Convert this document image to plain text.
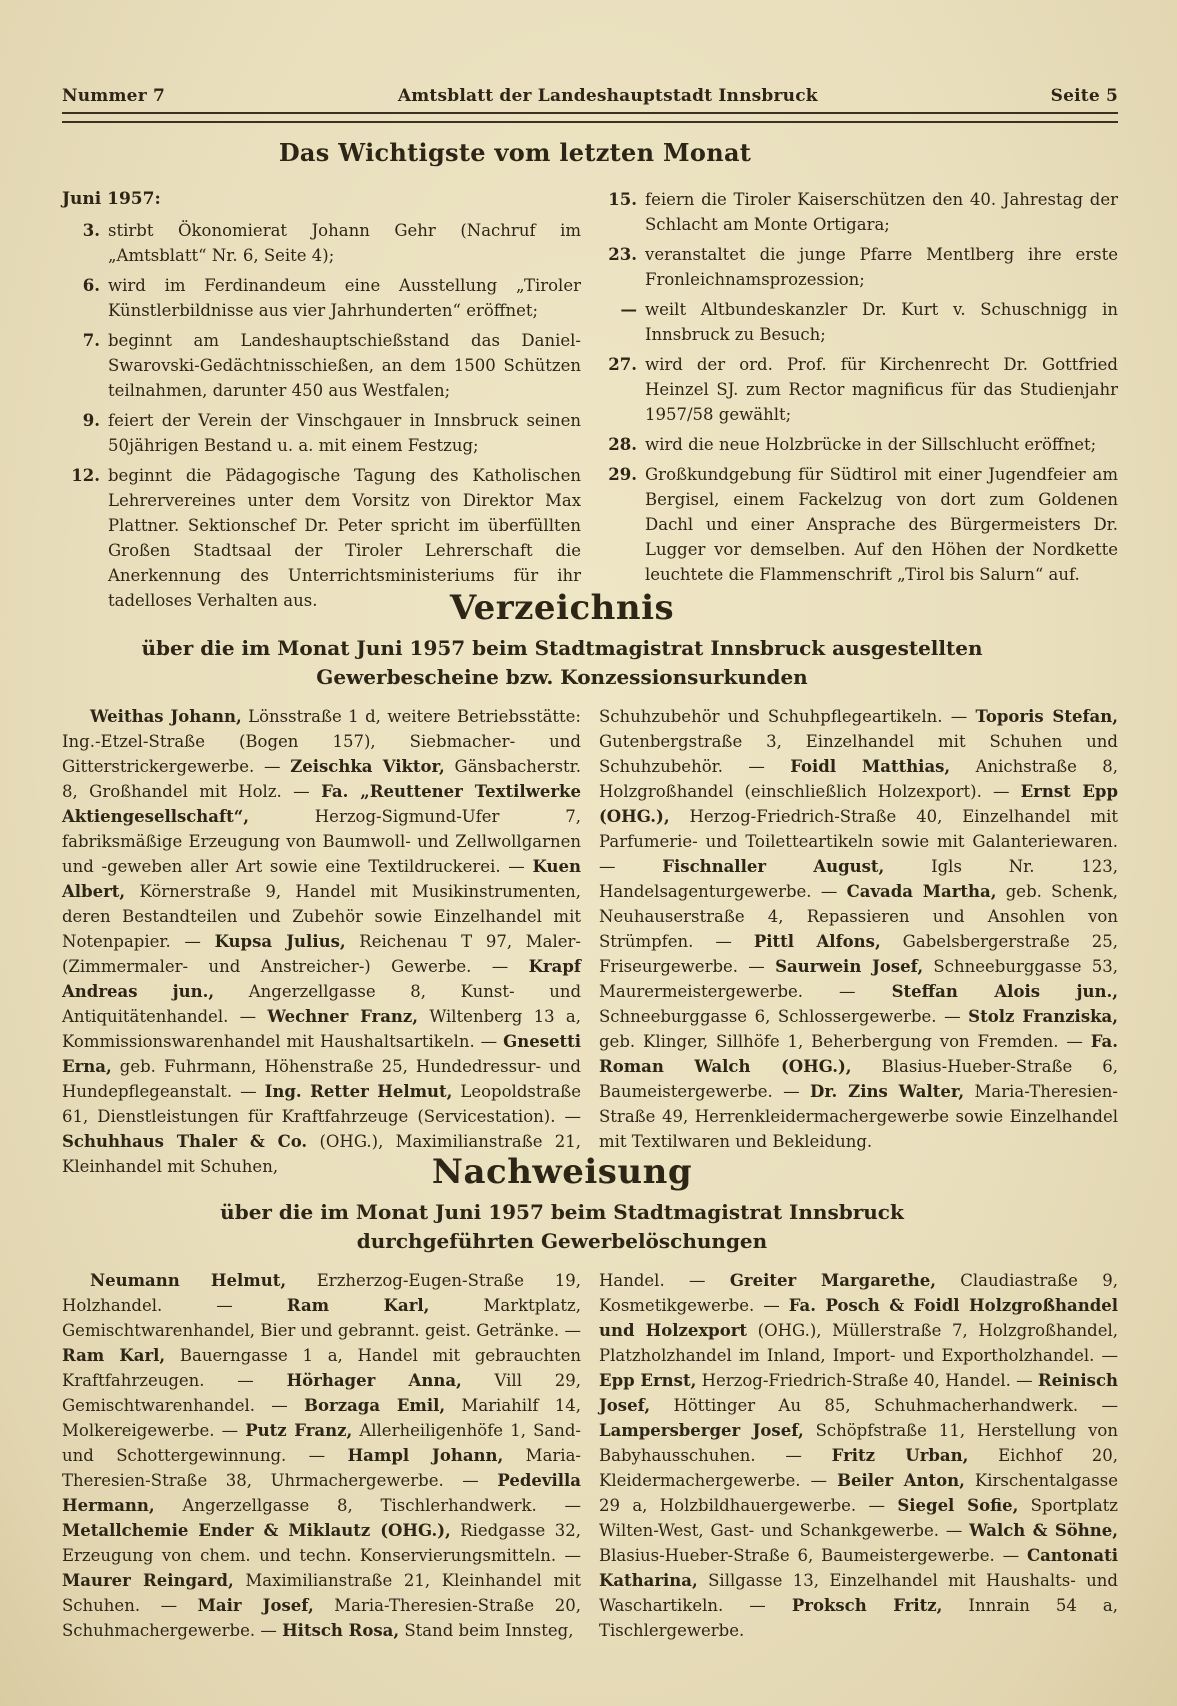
Nummer 7	Amtsblatt der Landeshauptstadt Innsbruck	Seite 5
Das Wichtigste vom letzten Monat

Juni 1957:

3. stirbt Ökonomierat Johann Gehr (Nachruf im „Amtsblatt“ Nr. 6, Seite 4);
6. wird im Ferdinandeum eine Ausstellung „Tiroler Künstlerbildnisse aus vier Jahrhunderten“ eröffnet;
7. beginnt am Landeshauptschießstand das Daniel-Swarovski-Gedächtnisschießen, an dem 1500 Schützen teilnahmen, darunter 450 aus Westfalen;
9. feiert der Verein der Vinschgauer in Innsbruck seinen 50jährigen Bestand u. a. mit einem Festzug;
12. beginnt die Pädagogische Tagung des Katholischen Lehrervereines unter dem Vorsitz von Direktor Max Plattner. Sektionschef Dr. Peter spricht im überfüllten Großen Stadtsaal der Tiroler Lehrerschaft die Anerkennung des Unterrichtsministeriums für ihr tadelloses Verhalten aus.
15. feiern die Tiroler Kaiserschützen den 40. Jahrestag der Schlacht am Monte Ortigara;
23. veranstaltet die junge Pfarre Mentlberg ihre erste Fronleichnamsprozession;
— weilt Altbundeskanzler Dr. Kurt v. Schuschnigg in Innsbruck zu Besuch;
27. wird der ord. Prof. für Kirchenrecht Dr. Gottfried Heinzel SJ. zum Rector magnificus für das Studienjahr 1957/58 gewählt;
28. wird die neue Holzbrücke in der Sillschlucht eröffnet;
29. Großkundgebung für Südtirol mit einer Jugendfeier am Bergisel, einem Fackelzug von dort zum Goldenen Dachl und einer Ansprache des Bürgermeisters Dr. Lugger vor demselben. Auf den Höhen der Nordkette leuchtete die Flammenschrift „Tirol bis Salurn“ auf.
Verzeichnis

über die im Monat Juni 1957 beim Stadtmagistrat Innsbruck ausgestellten
Gewerbescheine bzw. Konzessionsurkunden

Weithas Johann, Lönsstraße 1 d, weitere Betriebsstätte: Ing.-Etzel-Straße (Bogen 157), Siebmacher- und Gitterstrickergewerbe. — Zeischka Viktor, Gänsbacherstr. 8, Großhandel mit Holz. — Fa. „Reuttener Textilwerke Aktiengesellschaft“, Herzog-Sigmund-Ufer 7, fabriksmäßige Erzeugung von Baumwoll- und Zellwollgarnen und -geweben aller Art sowie eine Textildruckerei. — Kuen Albert, Körnerstraße 9, Handel mit Musikinstrumenten, deren Bestandteilen und Zubehör sowie Einzelhandel mit Notenpapier. — Kupsa Julius, Reichenau T 97, Maler- (Zimmermaler- und Anstreicher-) Gewerbe. — Krapf Andreas jun., Angerzellgasse 8, Kunst- und Antiquitätenhandel. — Wechner Franz, Wiltenberg 13 a, Kommissionswarenhandel mit Haushaltsartikeln. — Gnesetti Erna, geb. Fuhrmann, Höhenstraße 25, Hundedressur- und Hundepflegeanstalt. — Ing. Retter Helmut, Leopoldstraße 61, Dienstleistungen für Kraftfahrzeuge (Servicestation). — Schuhhaus Thaler & Co. (OHG.), Maximilianstraße 21, Kleinhandel mit Schuhen,

Schuhzubehör und Schuhpflegeartikeln. — Toporis Stefan, Gutenbergstraße 3, Einzelhandel mit Schuhen und Schuhzubehör. — Foidl Matthias, Anichstraße 8, Holzgroßhandel (einschließlich Holzexport). — Ernst Epp (OHG.), Herzog-Friedrich-Straße 40, Einzelhandel mit Parfumerie- und Toiletteartikeln sowie mit Galanteriewaren. — Fischnaller August, Igls Nr. 123, Handelsagenturgewerbe. — Cavada Martha, geb. Schenk, Neuhauserstraße 4, Repassieren und Ansohlen von Strümpfen. — Pittl Alfons, Gabelsbergerstraße 25, Friseurgewerbe. — Saurwein Josef, Schneeburggasse 53, Maurermeistergewerbe. — Steffan Alois jun., Schneeburggasse 6, Schlossergewerbe. — Stolz Franziska, geb. Klinger, Sillhöfe 1, Beherbergung von Fremden. — Fa. Roman Walch (OHG.), Blasius-Hueber-Straße 6, Baumeistergewerbe. — Dr. Zins Walter, Maria-Theresien-Straße 49, Herrenkleidermachergewerbe sowie Einzelhandel mit Textilwaren und Bekleidung.

Nachweisung

über die im Monat Juni 1957 beim Stadtmagistrat Innsbruck
durchgeführten Gewerbelöschungen

Neumann Helmut, Erzherzog-Eugen-Straße 19, Holzhandel. — Ram Karl, Marktplatz, Gemischtwarenhandel, Bier und gebrannt. geist. Getränke. — Ram Karl, Bauerngasse 1 a, Handel mit gebrauchten Kraftfahrzeugen. — Hörhager Anna, Vill 29, Gemischtwarenhandel. — Borzaga Emil, Mariahilf 14, Molkereigewerbe. — Putz Franz, Allerheiligenhöfe 1, Sand- und Schottergewinnung. — Hampl Johann, Maria-Theresien-Straße 38, Uhrmachergewerbe. — Pedevilla Hermann, Angerzellgasse 8, Tischlerhandwerk. — Metallchemie Ender & Miklautz (OHG.), Riedgasse 32, Erzeugung von chem. und techn. Konservierungsmitteln. — Maurer Reingard, Maximilianstraße 21, Kleinhandel mit Schuhen. — Mair Josef, Maria-Theresien-Straße 20, Schuhmachergewerbe. — Hitsch Rosa, Stand beim Innsteg,

Handel. — Greiter Margarethe, Claudiastraße 9, Kosmetikgewerbe. — Fa. Posch & Foidl Holzgroßhandel und Holzexport (OHG.), Müllerstraße 7, Holzgroßhandel, Platzholzhandel im Inland, Import- und Exportholzhandel. — Epp Ernst, Herzog-Friedrich-Straße 40, Handel. — Reinisch Josef, Höttinger Au 85, Schuhmacherhandwerk. — Lampersberger Josef, Schöpfstraße 11, Herstellung von Babyhausschuhen. — Fritz Urban, Eichhof 20, Kleidermachergewerbe. — Beiler Anton, Kirschentalgasse 29 a, Holzbildhauergewerbe. — Siegel Sofie, Sportplatz Wilten-West, Gast- und Schankgewerbe. — Walch & Söhne, Blasius-Hueber-Straße 6, Baumeistergewerbe. — Cantonati Katharina, Sillgasse 13, Einzelhandel mit Haushalts- und Waschartikeln. — Proksch Fritz, Innrain 54 a, Tischlergewerbe.
